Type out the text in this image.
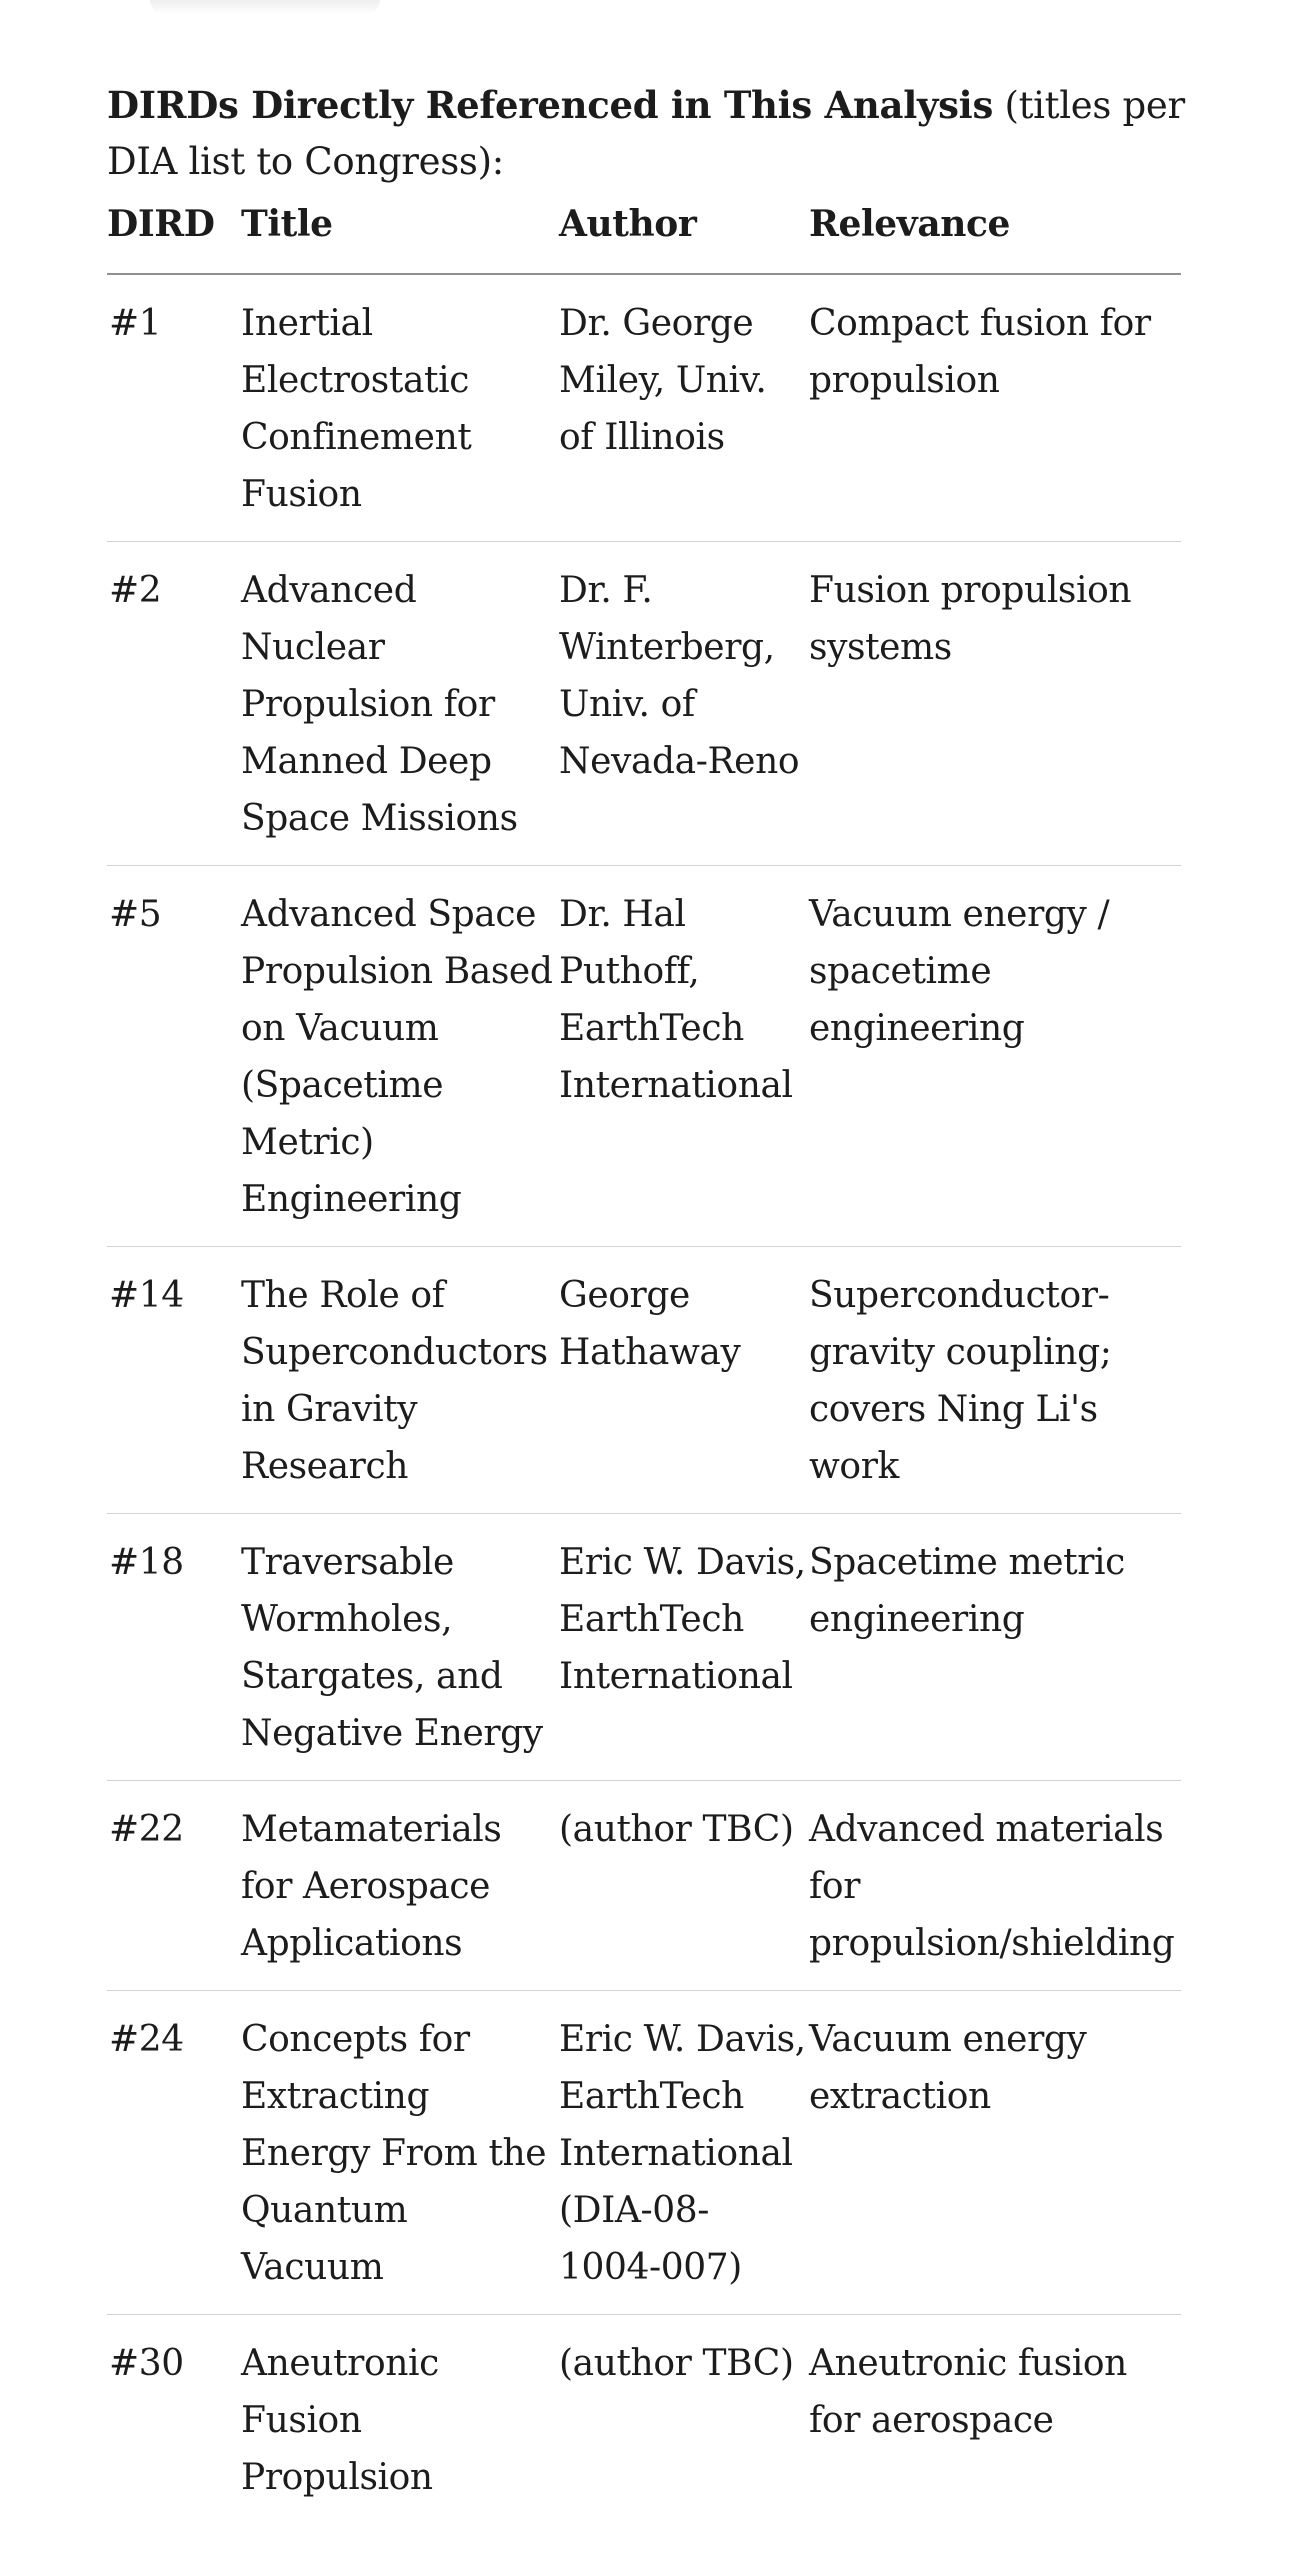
DIRDs Directly Referenced in This Analysis (titles per DIA list to Congress):

DIRD	Title	Author	Relevance
#1	Inertial Electrostatic Confinement Fusion	Dr. George Miley, Univ. of Illinois	Compact fusion for propulsion
#2	Advanced Nuclear Propulsion for Manned Deep Space Missions	Dr. F. Winterberg, Univ. of Nevada-Reno	Fusion propulsion systems
#5	Advanced Space Propulsion Based on Vacuum (Spacetime Metric) Engineering	Dr. Hal Puthoff, EarthTech International	Vacuum energy / spacetime engineering
#14	The Role of Superconductors in Gravity Research	George Hathaway	Superconductor-gravity coupling; covers Ning Li's work
#18	Traversable Wormholes, Stargates, and Negative Energy	Eric W. Davis, EarthTech International	Spacetime metric engineering
#22	Metamaterials for Aerospace Applications	(author TBC)	Advanced materials for propulsion/shielding
#24	Concepts for Extracting Energy From the Quantum Vacuum	Eric W. Davis, EarthTech International (DIA-08-1004-007)	Vacuum energy extraction
#30	Aneutronic Fusion Propulsion	(author TBC)	Aneutronic fusion for aerospace
